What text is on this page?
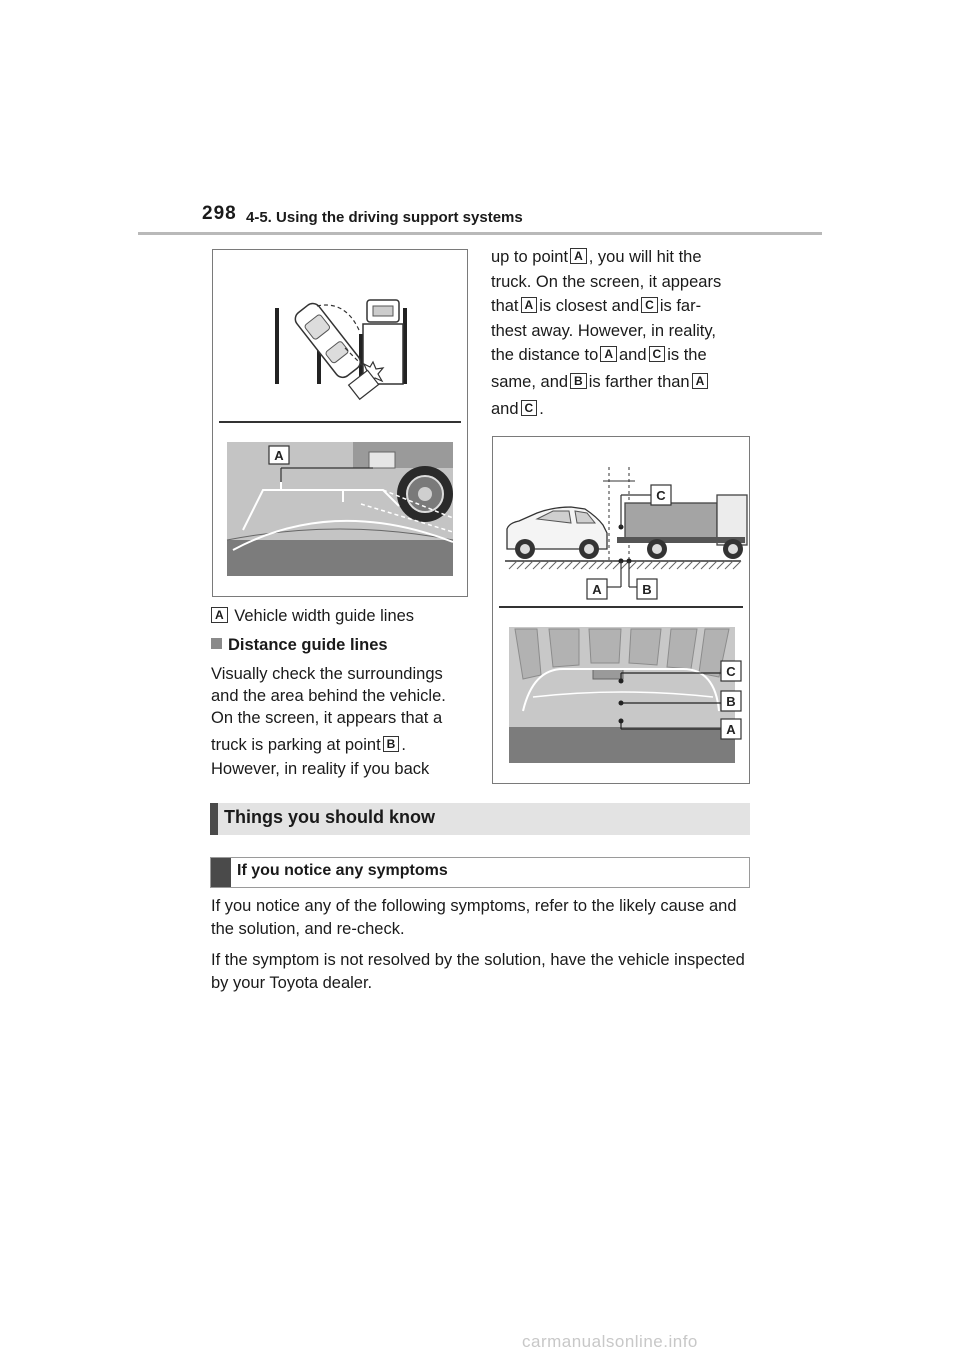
298 4-5. Using the driving support systems
A
A Vehicle width guide lines

Distance guide lines

Visually check the surroundings

and the area behind the vehicle.

On the screen, it appears that a

truck is parking at point B .

However, in reality if you back

up to point A , you will hit the

truck. On the screen, it appears

that A is closest and C is far-

thest away. However, in reality,

the distance to A and C is the

same, and B is farther than A

and C .

C
A	B
C
B
A
Things you should know
If you notice any symptoms

If you notice any of the following symptoms, refer to the likely cause and the solution, and re-check.

If the symptom is not resolved by the solution, have the vehicle inspected by your Toyota dealer.

carmanualsonline.info
